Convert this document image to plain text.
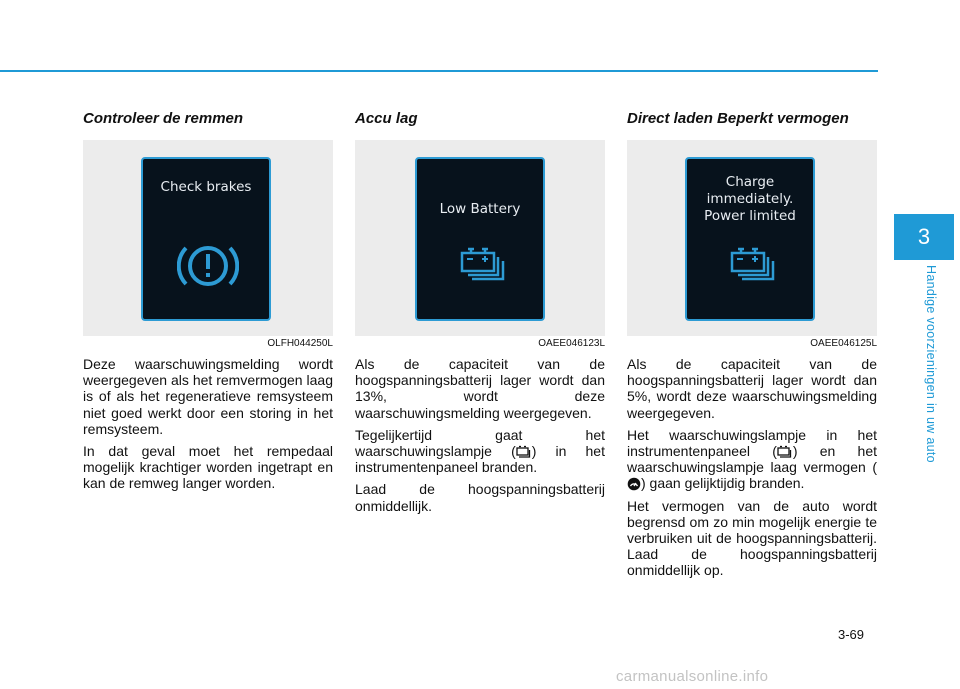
Controleer de remmen
Check brakes
OLFH044250L

Deze waarschuwingsmelding wordt weergegeven als het remvermogen laag is of als het regeneratieve remsysteem niet goed werkt door een storing in het remsysteem.

In dat geval moet het rempedaal mogelijk krachtiger worden ingetrapt en kan de remweg langer worden.

Accu lag
Low Battery
OAEE046123L

Als de capaciteit van de hoogspanningsbatterij lager wordt dan 13%, wordt deze waarschuwingsmelding weergegeven.

Tegelijkertijd gaat het waarschuwingslampje ( ) in het instrumentenpaneel branden.

Laad de hoogspanningsbatterij onmiddellijk.

Direct laden Beperkt vermogen
Charge
immediately.
Power limited
OAEE046125L

Als de capaciteit van de hoogspanningsbatterij lager wordt dan 5%, wordt deze waarschuwingsmelding weergegeven.

Het waarschuwingslampje in het instrumentenpaneel ( ) en het waarschuwingslampje laag vermogen () gaan gelijktijdig branden.

Het vermogen van de auto wordt begrensd om zo min mogelijk energie te verbruiken uit de hoogspanningsbatterij. Laad de hoogspanningsbatterij onmiddellijk op.

3
Handige voorzieningen in uw auto
3-69
carmanualsonline.info
